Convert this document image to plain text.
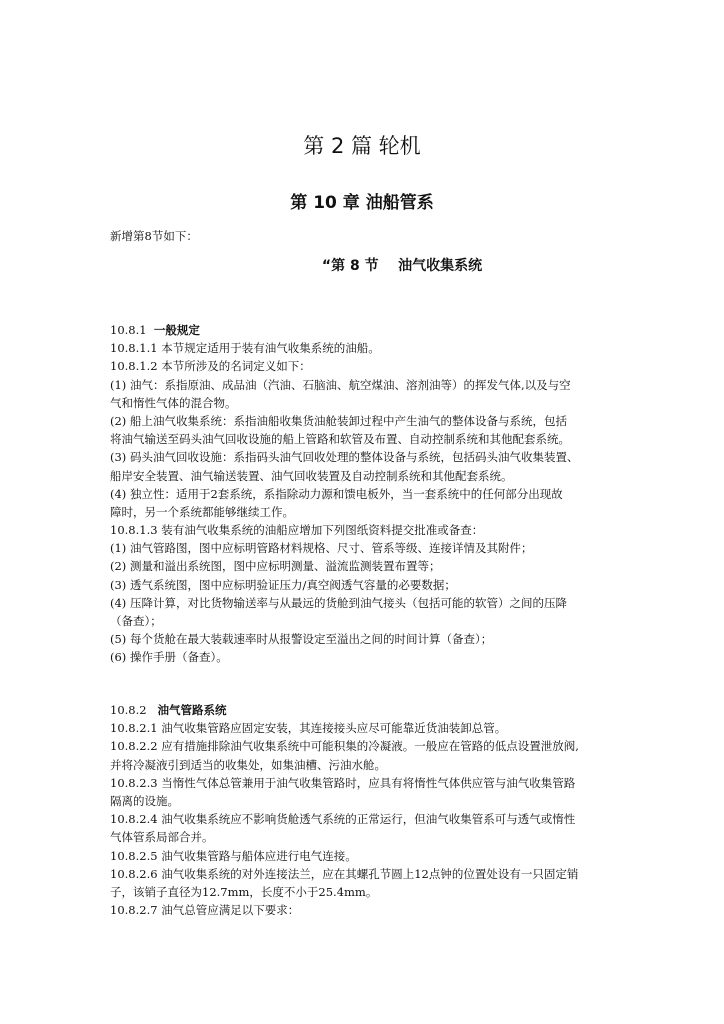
第 2 篇 轮机
第 10 章 油船管系
新增第8节如下：
“第 8 节    油气收集系统
10.8.1 一般规定
10.8.1.1 本节规定适用于装有油气收集系统的油船。
10.8.1.2 本节所涉及的名词定义如下：
(1) 油气：系指原油、成品油（汽油、石脑油、航空煤油、溶剂油等）的挥发气体,以及与空
气和惰性气体的混合物。
(2) 船上油气收集系统：系指油船收集货油舱装卸过程中产生油气的整体设备与系统，包括
将油气输送至码头油气回收设施的船上管路和软管及布置、自动控制系统和其他配套系统。
(3) 码头油气回收设施：系指码头油气回收处理的整体设备与系统，包括码头油气收集装置、
船岸安全装置、油气输送装置、油气回收装置及自动控制系统和其他配套系统。
(4) 独立性：适用于2套系统，系指除动力源和馈电板外，当一套系统中的任何部分出现故
障时，另一个系统都能够继续工作。
10.8.1.3 装有油气收集系统的油船应增加下列图纸资料提交批准或备查：
(1) 油气管路图，图中应标明管路材料规格、尺寸、管系等级、连接详情及其附件；
(2) 测量和溢出系统图，图中应标明测量、溢流监测装置布置等；
(3) 透气系统图，图中应标明验证压力/真空阀透气容量的必要数据；
(4) 压降计算，对比货物输送率与从最远的货舱到油气接头（包括可能的软管）之间的压降
（备查）；
(5) 每个货舱在最大装载速率时从报警设定至溢出之间的时间计算（备查）；
(6) 操作手册（备查）。
10.8.2 油气管路系统
10.8.2.1 油气收集管路应固定安装，其连接接头应尽可能靠近货油装卸总管。
10.8.2.2 应有措施排除油气收集系统中可能积集的冷凝液。一般应在管路的低点设置泄放阀,
并将冷凝液引到适当的收集处，如集油槽、污油水舱。
10.8.2.3 当惰性气体总管兼用于油气收集管路时，应具有将惰性气体供应管与油气收集管路
隔离的设施。
10.8.2.4 油气收集系统应不影响货舱透气系统的正常运行，但油气收集管系可与透气或惰性
气体管系局部合并。
10.8.2.5 油气收集管路与船体应进行电气连接。
10.8.2.6 油气收集系统的对外连接法兰，应在其螺孔节圆上12点钟的位置处设有一只固定销
子，该销子直径为12.7mm，长度不小于25.4mm。
10.8.2.7 油气总管应满足以下要求：
